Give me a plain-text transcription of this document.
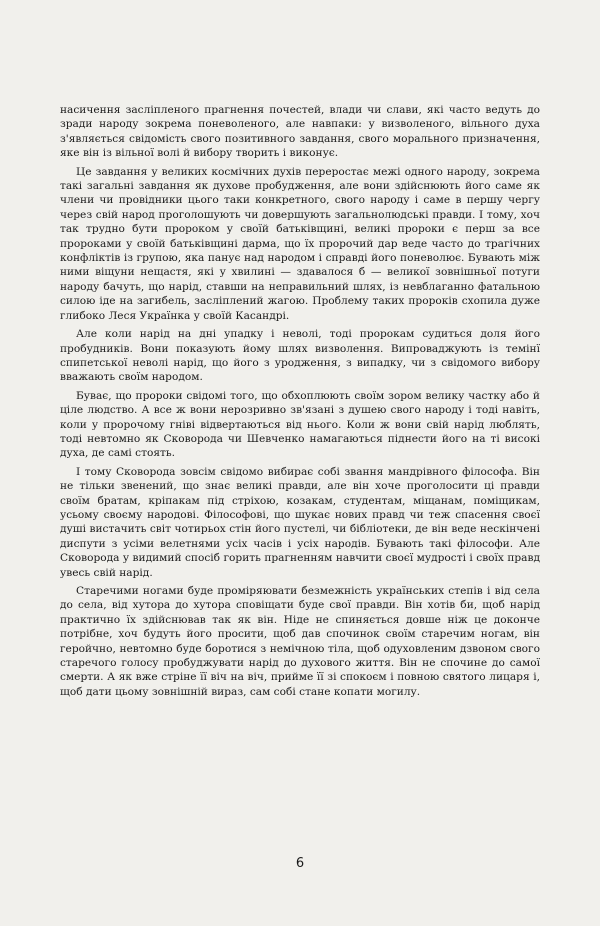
насичення засліпленого прагнення почестей, влади чи слави, які часто ведуть до зради народу зокрема поневоленого, але навпаки: у визволеного, вільного духа з'являється свідомість свого позитивного завдання, свого морального призначення, яке він із вільної волі й вибору творить і виконує.

Це завдання у великих космічних духів переростає межі одного народу, зокрема такі загальні завдання як духове пробудження, але вони здійснюють його саме як члени чи провідники цього таки конкретного, свого народу і саме в першу чергу через свій народ проголошують чи довершують загальнолюдські правди. І тому, хоч так трудно бути пророком у своїй батьківщині, великі пророки є перш за все пророками у своїй батьківщині дарма, що їх пророчий дар веде часто до трагічних конфліктів із групою, яка панує над народом і справді його поневолює. Бувають між ними віщуни нещастя, які у хвилині — здавалося б — великої зовнішньої потуги народу бачуть, що нарід, ставши на неправильний шлях, із невблаганно фатальною силою іде на загибель, засліплений жагою. Проблему таких пророків схопила дуже глибоко Леся Українка у своїй Касандрі.

Але коли нарід на дні упадку і неволі, тоді пророкам судиться доля його пробудників. Вони показують йому шлях визволення. Випроваджують із темінї спипетської неволі нарід, що його з уродження, з випадку, чи з свідомого вибору вважають своїм народом.

Буває, що пророки свідомі того, що обхоплюють своїм зором велику частку або й ціле людство. А все ж вони нерозривно зв'язані з душею свого народу і тоді навіть, коли у пророчому гніві відвертаються від нього. Коли ж вони свій нарід люблять, тоді невтомно як Сковорода чи Шевченко намагаються піднести його на ті високі духа, де самі стоять.

І тому Сковорода зовсім свідомо вибирає собі звання мандрівного філософа. Він не тільки звенений, що знає великі правди, але він хоче проголосити ці правди своїм братам, кріпакам під стріхою, козакам, студентам, міщанам, поміщикам, усьому своєму народові. Філософові, що шукає нових правд чи теж спасення своєї душі вистачить світ чотирьох стін його пустелі, чи бібліотеки, де він веде нескінчені диспути з усіми велетнями усіх часів і усіх народів. Бувають такі філософи. Але Сковорода у видимий спосіб горить прагненням навчити своєї мудрості і своїх правд увесь свій нарід.

Старечими ногами буде проміряювати безмежність українських степів і від села до села, від хутора до хутора сповіщати буде свої правди. Він хотів би, щоб нарід практично їх здійснював так як він. Ніде не спиняється довше ніж це доконче потрібне, хоч будуть його просити, щоб дав спочинок своїм старечим ногам, він геройчно, невтомно буде боротися з немічною тіла, щоб одуховленим дзвоном свого старечого голосу пробуджувати нарід до духового життя. Він не спочине до самої смерти. А як вже стріне її віч на віч, прийме її зі спокоєм і повною святого лицаря і, щоб дати цьому зовнішній вираз, сам собі стане копати могилу.

6
